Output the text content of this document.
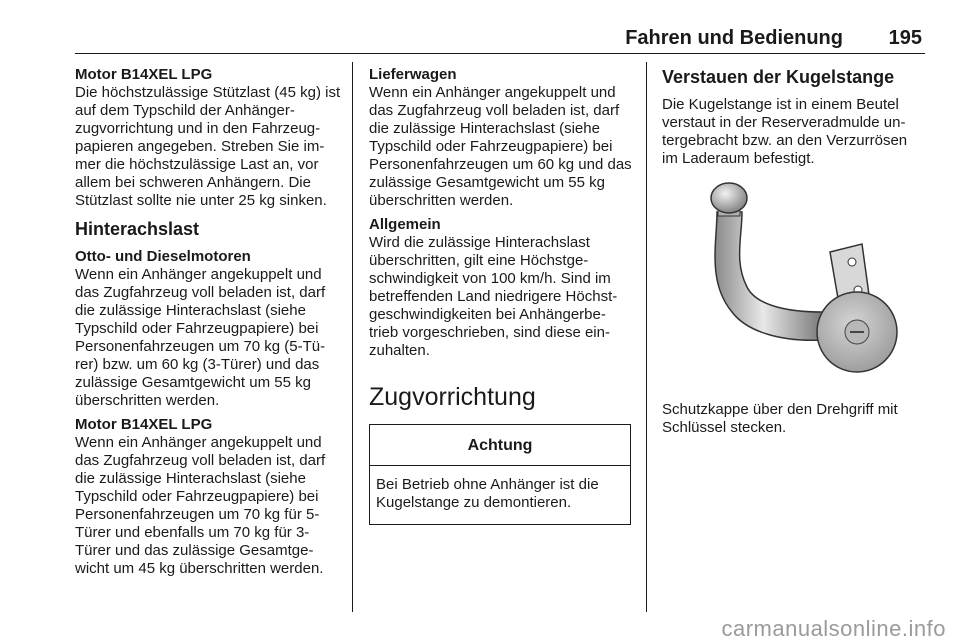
Fahren und Bedienung 195

Motor B14XEL LPG

Die höchstzulässige Stützlast (45 kg) ist auf dem Typschild der Anhänger-zugvorrichtung und in den Fahrzeug-papieren angegeben. Streben Sie im-mer die höchstzulässige Last an, vor allem bei schweren Anhängern. Die Stützlast sollte nie unter 25 kg sinken.

Hinterachslast

Otto- und Dieselmotoren

Wenn ein Anhänger angekuppelt und das Zugfahrzeug voll beladen ist, darf die zulässige Hinterachslast (siehe Typschild oder Fahrzeugpapiere) bei Personenfahrzeugen um 70 kg (5-Tü-rer) bzw. um 60 kg (3-Türer) und das zulässige Gesamtgewicht um 55 kg überschritten werden.

Motor B14XEL LPG

Wenn ein Anhänger angekuppelt und das Zugfahrzeug voll beladen ist, darf die zulässige Hinterachslast (siehe Typschild oder Fahrzeugpapiere) bei Personenfahrzeugen um 70 kg für 5-Türer und ebenfalls um 70 kg für 3-Türer und das zulässige Gesamtge-wicht um 45 kg überschritten werden.

Lieferwagen

Wenn ein Anhänger angekuppelt und das Zugfahrzeug voll beladen ist, darf die zulässige Hinterachslast (siehe Typschild oder Fahrzeugpapiere) bei Personenfahrzeugen um 60 kg und das zulässige Gesamtgewicht um 55 kg überschritten werden.

Allgemein

Wird die zulässige Hinterachslast überschritten, gilt eine Höchstge-schwindigkeit von 100 km/h. Sind im betreffenden Land niedrigere Höchst-geschwindigkeiten bei Anhängerbe-trieb vorgeschrieben, sind diese ein-zuhalten.

Zugvorrichtung
Achtung
Bei Betrieb ohne Anhänger ist die Kugelstange zu demontieren.
Verstauen der Kugelstange

Die Kugelstange ist in einem Beutel verstaut in der Reserveradmulde un-tergebracht bzw. an den Verzurrösen im Laderaum befestigt.

Schutzkappe über den Drehgriff mit Schlüssel stecken.

carmanualsonline.info
